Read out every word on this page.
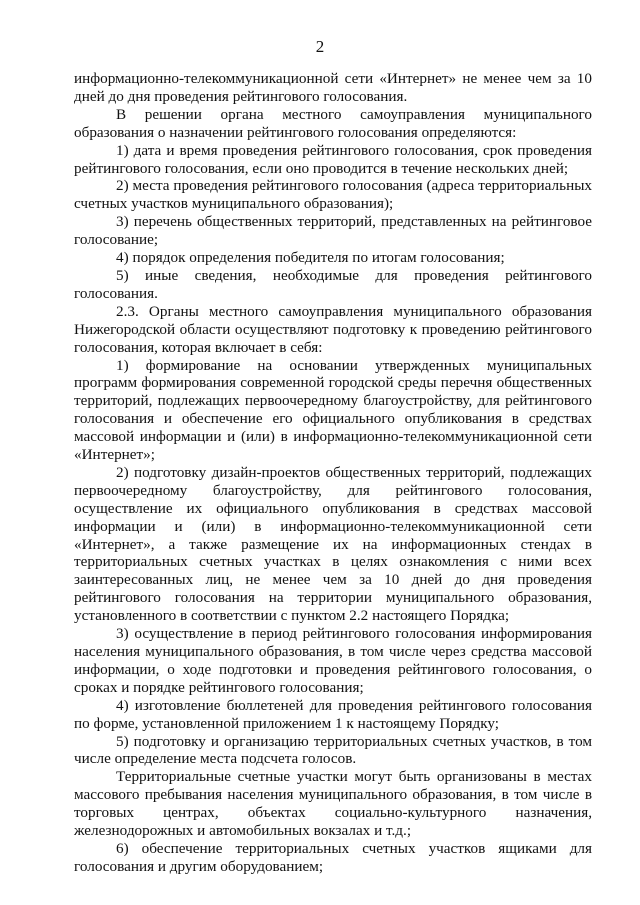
2

информационно-телекоммуникационной сети «Интернет» не менее чем за 10 дней до дня проведения рейтингового голосования.

В решении органа местного самоуправления муниципального образования о назначении рейтингового голосования определяются:

1) дата и время проведения рейтингового голосования, срок проведения рейтингового голосования, если оно проводится в течение нескольких дней;

2) места проведения рейтингового голосования (адреса территориальных счетных участков муниципального образования);

3) перечень общественных территорий, представленных на рейтинговое голосование;

4) порядок определения победителя по итогам голосования;

5) иные сведения, необходимые для проведения рейтингового голосования.

2.3. Органы местного самоуправления муниципального образования Нижегородской области осуществляют подготовку к проведению рейтингового голосования, которая включает в себя:

1) формирование на основании утвержденных муниципальных программ формирования современной городской среды перечня общественных территорий, подлежащих первоочередному благоустройству, для рейтингового голосования и обеспечение его официального опубликования в средствах массовой информации и (или) в информационно-телекоммуникационной сети «Интернет»;

2) подготовку дизайн-проектов общественных территорий, подлежащих первоочередному благоустройству, для рейтингового голосования, осуществление их официального опубликования в средствах массовой информации и (или) в информационно-телекоммуникационной сети «Интернет», а также размещение их на информационных стендах в территориальных счетных участках в целях ознакомления с ними всех заинтересованных лиц, не менее чем за 10 дней до дня проведения рейтингового голосования на территории муниципального образования, установленного в соответствии с пунктом 2.2 настоящего Порядка;

3) осуществление в период рейтингового голосования информирования населения муниципального образования, в том числе через средства массовой информации, о ходе подготовки и проведения рейтингового голосования, о сроках и порядке рейтингового голосования;

4) изготовление бюллетеней для проведения рейтингового голосования по форме, установленной приложением 1 к настоящему Порядку;

5) подготовку и организацию территориальных счетных участков, в том числе определение места подсчета голосов.

Территориальные счетные участки могут быть организованы в местах массового пребывания населения муниципального образования, в том числе в торговых центрах, объектах социально-культурного назначения, железнодорожных и автомобильных вокзалах и т.д.;

6) обеспечение территориальных счетных участков ящиками для голосования и другим оборудованием;
